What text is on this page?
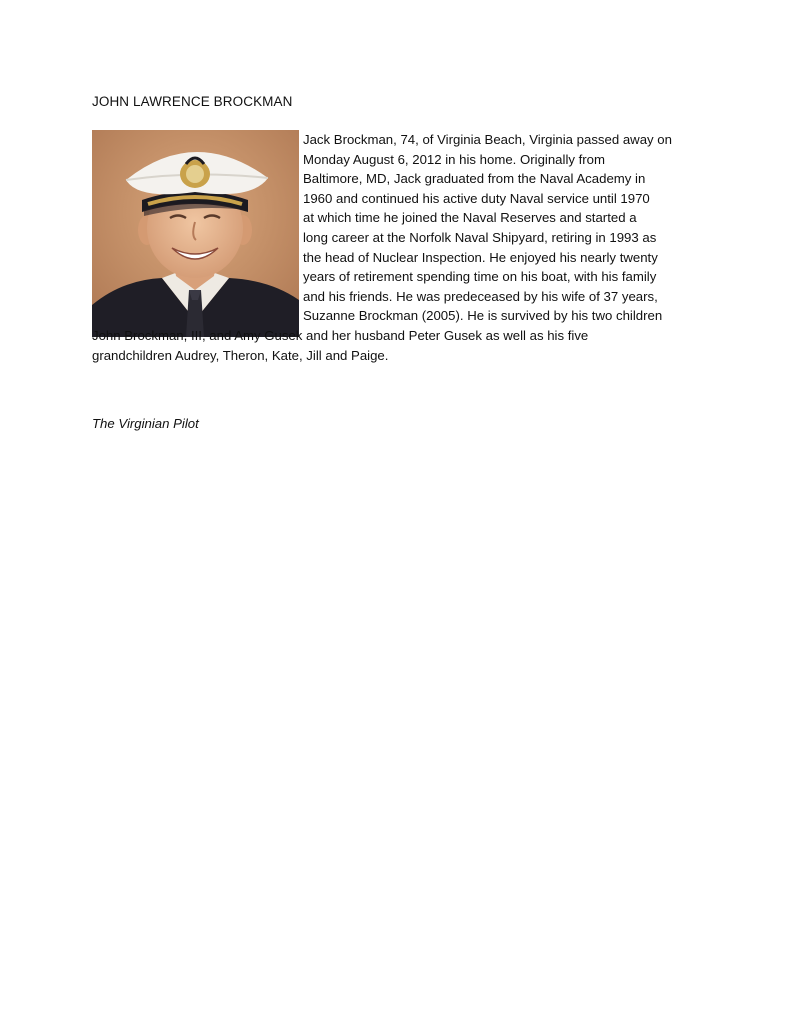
JOHN LAWRENCE BROCKMAN
Jack Brockman, 74, of Virginia Beach, Virginia passed away on
Monday August 6, 2012 in his home. Originally from
Baltimore, MD, Jack graduated from the Naval Academy in
1960 and continued his active duty Naval service until 1970
at which time he joined the Naval Reserves and started a
long career at the Norfolk Naval Shipyard, retiring in 1993 as
the head of Nuclear Inspection. He enjoyed his nearly twenty
years of retirement spending time on his boat, with his family
and his friends. He was predeceased by his wife of 37 years,
Suzanne Brockman (2005). He is survived by his two children
John Brockman, III, and Amy Gusek and her husband Peter Gusek as well as his five
grandchildren Audrey, Theron, Kate, Jill and Paige.
The Virginian Pilot
